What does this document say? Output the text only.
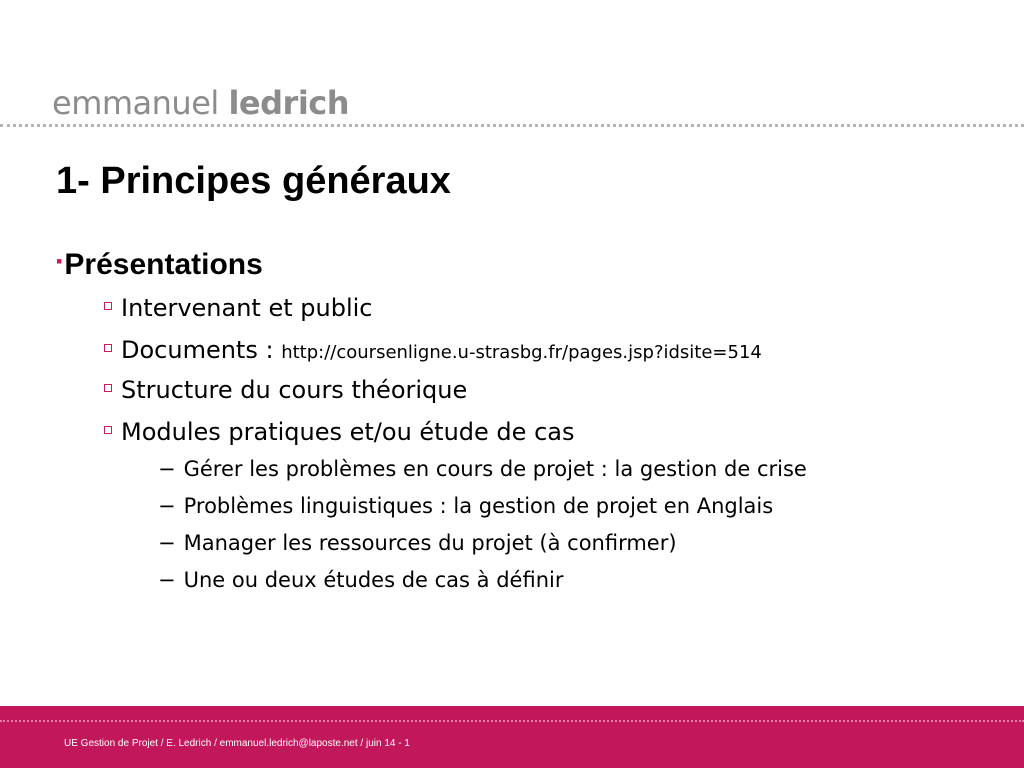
emmanuel ledrich
1- Principes généraux
▪Présentations
Intervenant et public
Documents : http://coursenligne.u-strasbg.fr/pages.jsp?idsite=514
Structure du cours théorique
Modules pratiques et/ou étude de cas
− Gérer les problèmes en cours de projet : la gestion de crise
− Problèmes linguistiques : la gestion de projet en Anglais
− Manager les ressources du projet (à confirmer)
− Une ou deux études de cas à définir
UE Gestion de Projet / E. Ledrich / emmanuel.ledrich@laposte.net / juin 14 - 1
